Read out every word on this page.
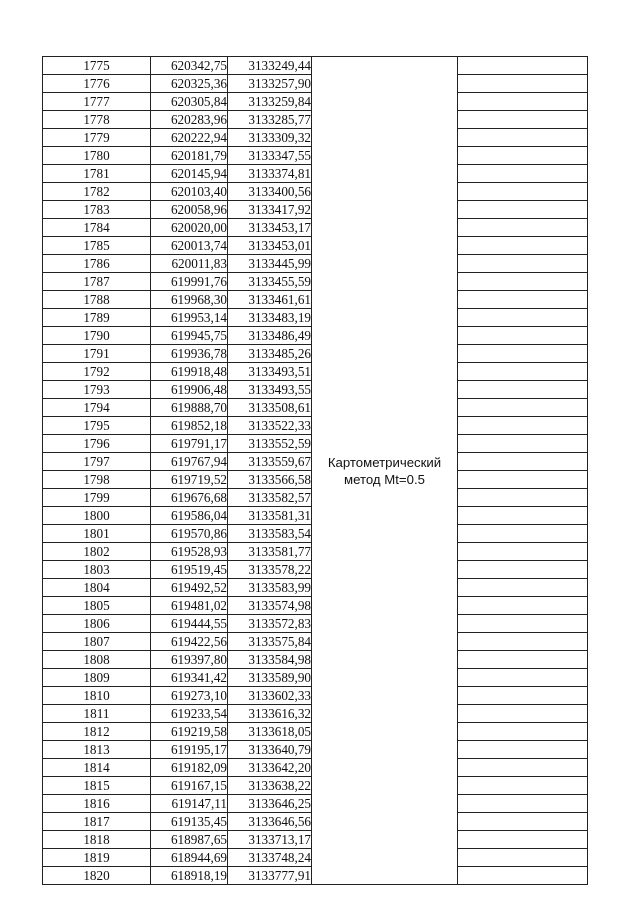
1775	620342,75	3133249,44	Картометрический
метод Mt=0.5	

1776	620325,36	3133257,90		
1777	620305,84	3133259,84		
1778	620283,96	3133285,77		
1779	620222,94	3133309,32		
1780	620181,79	3133347,55		
1781	620145,94	3133374,81		
1782	620103,40	3133400,56		
1783	620058,96	3133417,92		
1784	620020,00	3133453,17		
1785	620013,74	3133453,01		
1786	620011,83	3133445,99		
1787	619991,76	3133455,59		
1788	619968,30	3133461,61		
1789	619953,14	3133483,19		
1790	619945,75	3133486,49		
1791	619936,78	3133485,26		
1792	619918,48	3133493,51		
1793	619906,48	3133493,55		
1794	619888,70	3133508,61		
1795	619852,18	3133522,33		
1796	619791,17	3133552,59		
1797	619767,94	3133559,67		
1798	619719,52	3133566,58		
1799	619676,68	3133582,57		
1800	619586,04	3133581,31		
1801	619570,86	3133583,54		
1802	619528,93	3133581,77		
1803	619519,45	3133578,22		
1804	619492,52	3133583,99		
1805	619481,02	3133574,98		
1806	619444,55	3133572,83		
1807	619422,56	3133575,84		
1808	619397,80	3133584,98		
1809	619341,42	3133589,90		
1810	619273,10	3133602,33		
1811	619233,54	3133616,32		
1812	619219,58	3133618,05		
1813	619195,17	3133640,79		
1814	619182,09	3133642,20		
1815	619167,15	3133638,22		
1816	619147,11	3133646,25		
1817	619135,45	3133646,56		
1818	618987,65	3133713,17		
1819	618944,69	3133748,24		
1820	618918,19	3133777,91		
